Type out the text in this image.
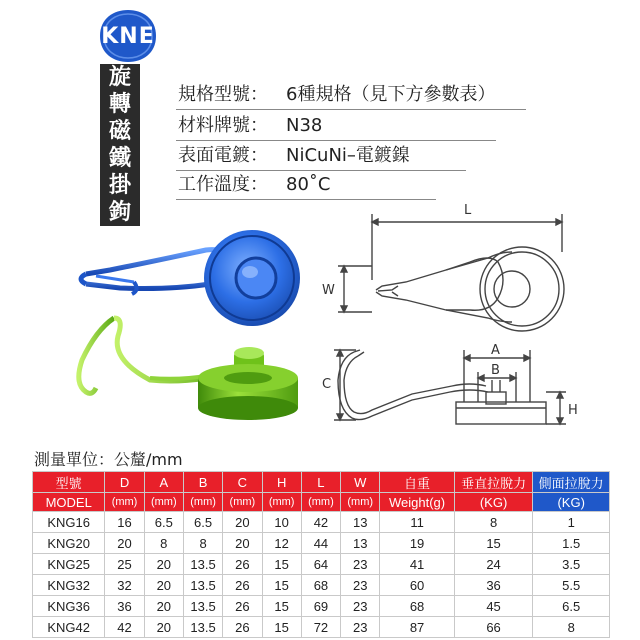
KNE
旋
轉
磁
鐵
掛
鉤
規格型號： 6種規格（見下方參數表）
材料牌號： N38
表面電鍍： NiCuNi–電鍍鎳
工作溫度： 80˚C
L
W
A
B
C
H
測量單位：公釐/mm
型號	D	A	B	C	H	L	W	自重	垂直拉脫力	側面拉脫力
MODEL	(mm)	(mm)	(mm)	(mm)	(mm)	(mm)	(mm)	Weight(g)	(KG)	(KG)
KNG16	16	6.5	6.5	20	10	42	13	11	8	1
KNG20	20	8	8	20	12	44	13	19	15	1.5
KNG25	25	20	13.5	26	15	64	23	41	24	3.5
KNG32	32	20	13.5	26	15	68	23	60	36	5.5
KNG36	36	20	13.5	26	15	69	23	68	45	6.5
KNG42	42	20	13.5	26	15	72	23	87	66	8
